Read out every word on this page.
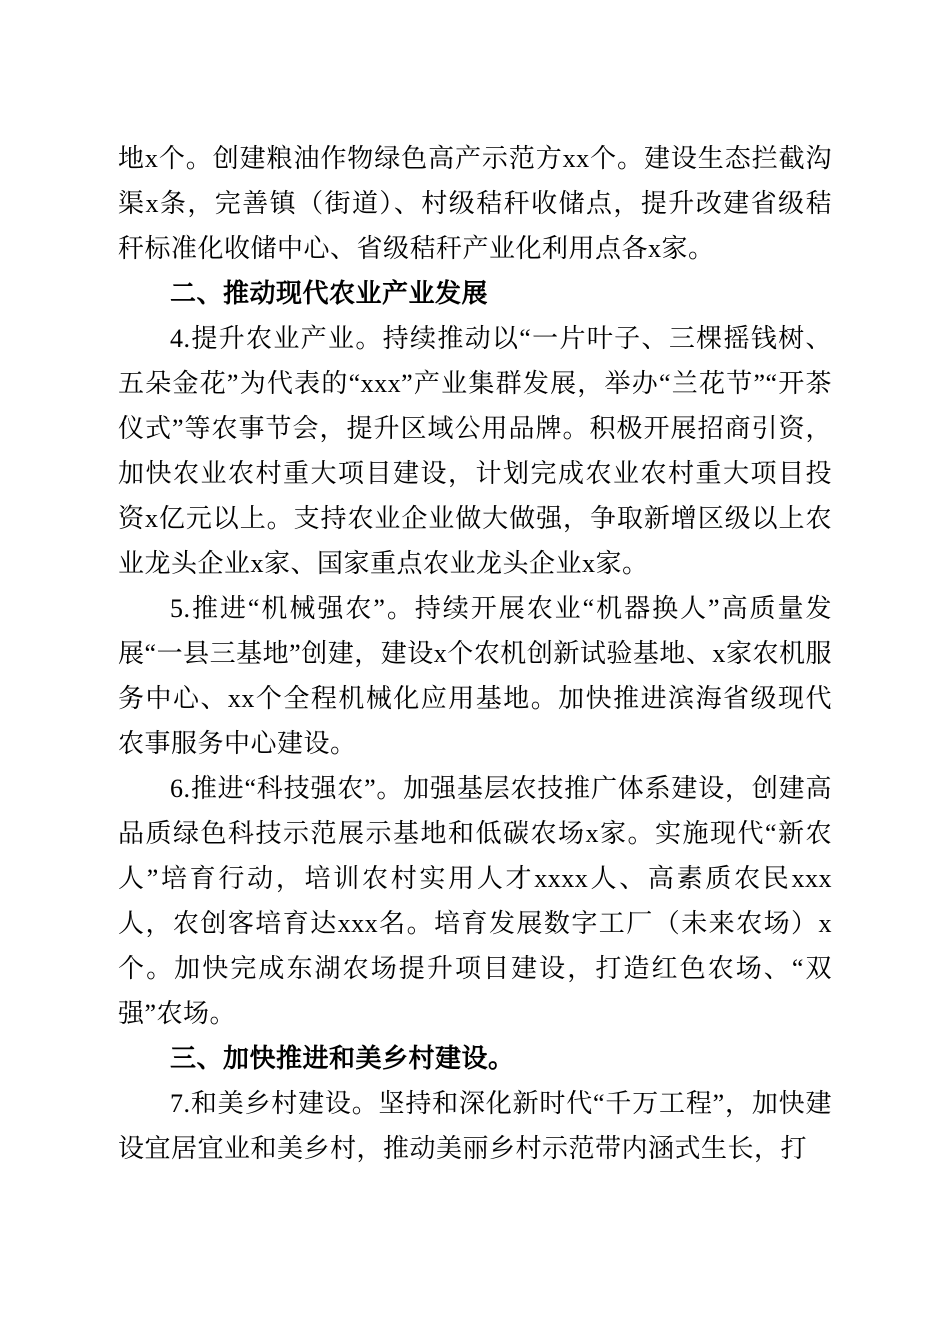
地x个。创建粮油作物绿色高产示范方xx个。建设生态拦截沟渠x条，完善镇（街道）、村级秸秆收储点，提升改建省级秸秆标准化收储中心、省级秸秆产业化利用点各x家。

二、推动现代农业产业发展

4.提升农业产业。持续推动以“一片叶子、三棵摇钱树、五朵金花”为代表的“xxx”产业集群发展，举办“兰花节”“开茶仪式”等农事节会，提升区域公用品牌。积极开展招商引资，加快农业农村重大项目建设，计划完成农业农村重大项目投资x亿元以上。支持农业企业做大做强，争取新增区级以上农业龙头企业x家、国家重点农业龙头企业x家。

5.推进“机械强农”。持续开展农业“机器换人”高质量发展“一县三基地”创建，建设x个农机创新试验基地、x家农机服务中心、xx个全程机械化应用基地。加快推进滨海省级现代农事服务中心建设。

6.推进“科技强农”。加强基层农技推广体系建设，创建高品质绿色科技示范展示基地和低碳农场x家。实施现代“新农人”培育行动，培训农村实用人才xxxx人、高素质农民xxx人，农创客培育达xxx名。培育发展数字工厂（未来农场）x个。加快完成东湖农场提升项目建设，打造红色农场、“双强”农场。

三、加快推进和美乡村建设。

7.和美乡村建设。坚持和深化新时代“千万工程”，加快建设宜居宜业和美乡村，推动美丽乡村示范带内涵式生长，打
